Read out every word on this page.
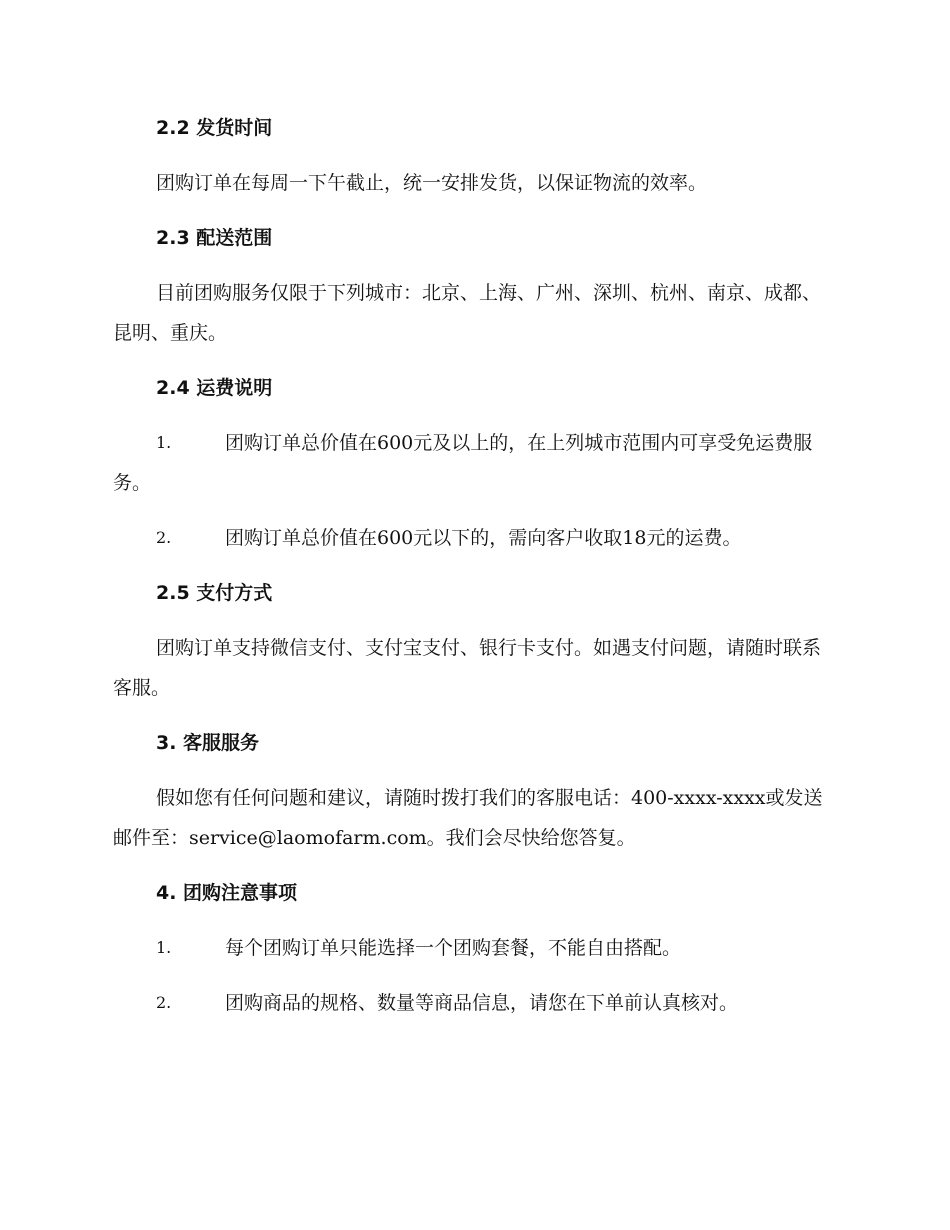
2.2 发货时间

团购订单在每周一下午截止，统一安排发货，以保证物流的效率。

2.3 配送范围

目前团购服务仅限于下列城市：北京、上海、广州、深圳、杭州、南京、成都、昆明、重庆。

2.4 运费说明
1.	团购订单总价值在600元及以上的，在上列城市范围内可享受免运费服务。
2.	团购订单总价值在600元以下的，需向客户收取18元的运费。
2.5 支付方式

团购订单支持微信支付、支付宝支付、银行卡支付。如遇支付问题，请随时联系客服。

3. 客服服务

假如您有任何问题和建议，请随时拨打我们的客服电话：400-xxxx-xxxx或发送邮件至：service@laomofarm.com。我们会尽快给您答复。

4. 团购注意事项
1.	每个团购订单只能选择一个团购套餐，不能自由搭配。
2.	团购商品的规格、数量等商品信息，请您在下单前认真核对。
